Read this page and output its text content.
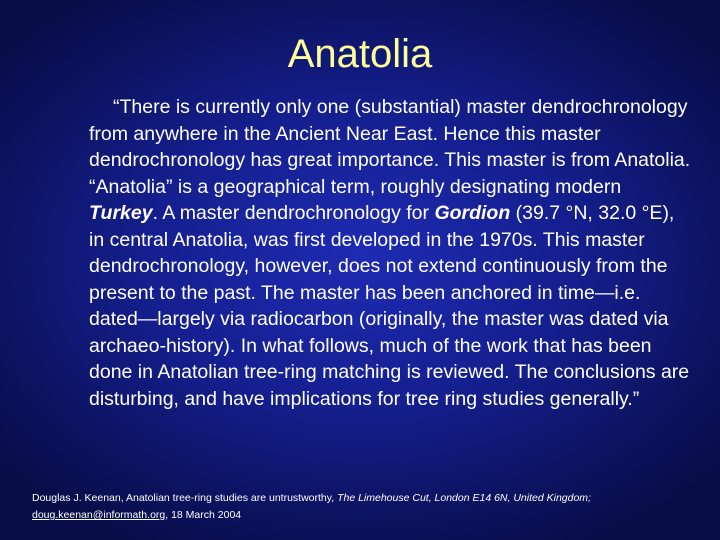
Anatolia
“There is currently only one (substantial) master dendrochronology from anywhere in the Ancient Near East. Hence this master dendrochronology has great importance. This master is from Anatolia. “Anatolia” is a geographical term, roughly designating modern Turkey. A master dendrochronology for Gordion (39.7 °N, 32.0 °E), in central Anatolia, was first developed in the 1970s. This master dendrochronology, however, does not extend continuously from the present to the past. The master has been anchored in time—i.e. dated—largely via radiocarbon (originally, the master was dated via archaeo-history). In what follows, much of the work that has been done in Anatolian tree-ring matching is reviewed. The conclusions are disturbing, and have implications for tree ring studies generally.”
Douglas J. Keenan, Anatolian tree-ring studies are untrustworthy, The Limehouse Cut, London E14 6N, United Kingdom;
doug.keenan@informath.org, 18 March 2004
